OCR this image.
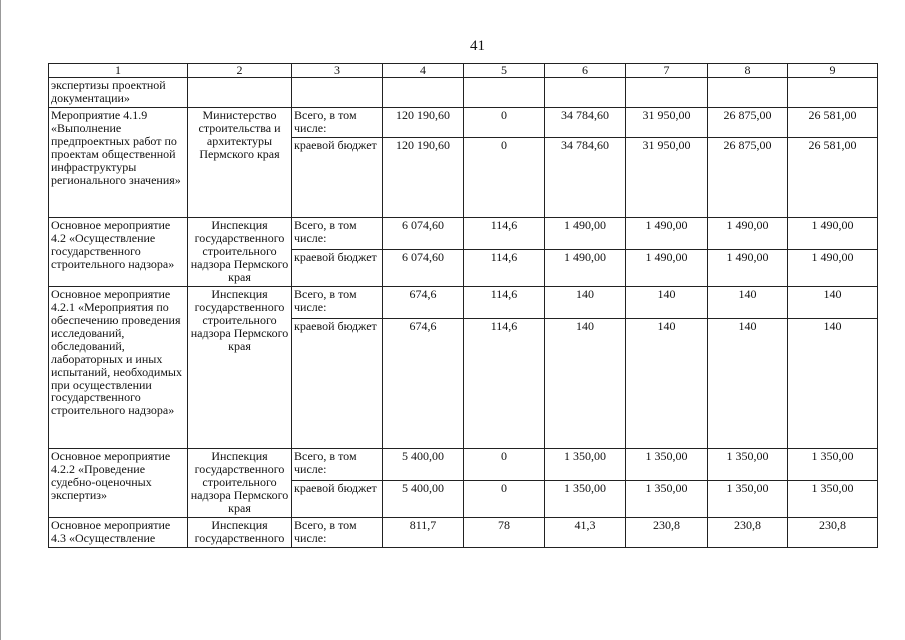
41
1	2	3	4	5	6	7	8	9
экспертизы проектной документации»								
Мероприятие 4.1.9 «Выполнение предпроектных работ по проектам общественной инфраструктуры регионального значения»	Министерство строительства и архитектуры Пермского края	Всего, в том числе:	120 190,60	0	34 784,60	31 950,00	26 875,00	26 581,00
		краевой бюджет	120 190,60	0	34 784,60	31 950,00	26 875,00	26 581,00
Основное мероприятие 4.2 «Осуществление государственного строительного надзора»	Инспекция государственного строительного надзора Пермского края	Всего, в том числе:	6 074,60	114,6	1 490,00	1 490,00	1 490,00	1 490,00
		краевой бюджет	6 074,60	114,6	1 490,00	1 490,00	1 490,00	1 490,00
Основное мероприятие 4.2.1 «Мероприятия по обеспечению проведения исследований, обследований, лабораторных и иных испытаний, необходимых при осуществлении государственного строительного надзора»	Инспекция государственного строительного надзора Пермского края	Всего, в том числе:	674,6	114,6	140	140	140	140
		краевой бюджет	674,6	114,6	140	140	140	140
Основное мероприятие 4.2.2 «Проведение судебно-оценочных экспертиз»	Инспекция государственного строительного надзора Пермского края	Всего, в том числе:	5 400,00	0	1 350,00	1 350,00	1 350,00	1 350,00
		краевой бюджет	5 400,00	0	1 350,00	1 350,00	1 350,00	1 350,00
Основное мероприятие 4.3 «Осуществление	Инспекция государственного	Всего, в том числе:	811,7	78	41,3	230,8	230,8	230,8
